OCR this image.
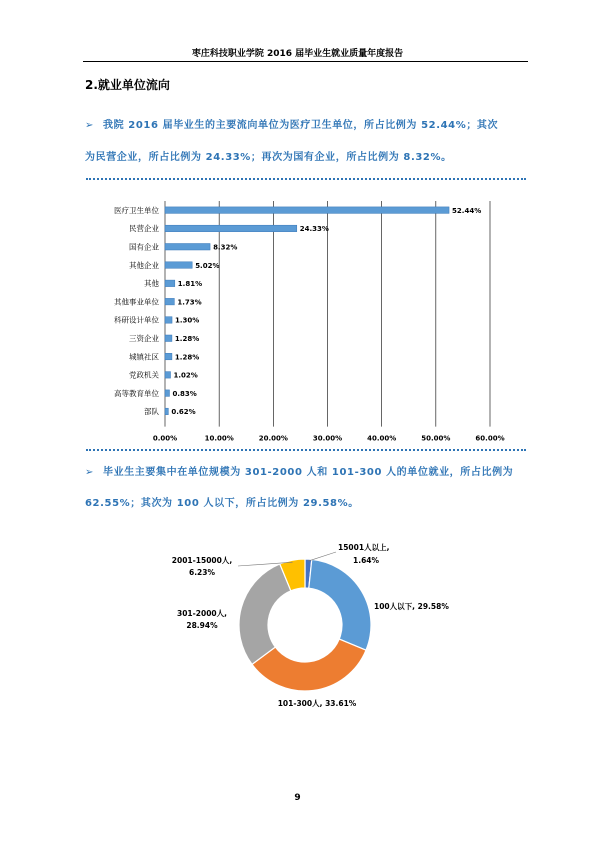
枣庄科技职业学院 2016 届毕业生就业质量年度报告
2.就业单位流向
➢ 我院 2016 届毕业生的主要流向单位为医疗卫生单位，所占比例为 52.44%；其次
为民营企业，所占比例为 24.33%；再次为国有企业，所占比例为 8.32%。
0.00%	10.00%	20.00%	30.00%	40.00%	50.00%	60.00%
医疗卫生单位	52.44%
民营企业	24.33%
国有企业	8.32%
其他企业	5.02%
其他	1.81%
其他事业单位	1.73%
科研设计单位 1.30%
三资企业 1.28%
城镇社区 1.28%
党政机关 1.02%
高等教育单位 0.83%
部队 0.62%
➢ 毕业生主要集中在单位规模为 301-2000 人和 101-300 人的单位就业，所占比例为
62.55%；其次为 100 人以下，所占比例为 29.58%。
15001人以上,
1.64%
100人以下, 29.58%
101-300人, 33.61%
301-2000人,
28.94%
2001-15000人,
6.23%
9
